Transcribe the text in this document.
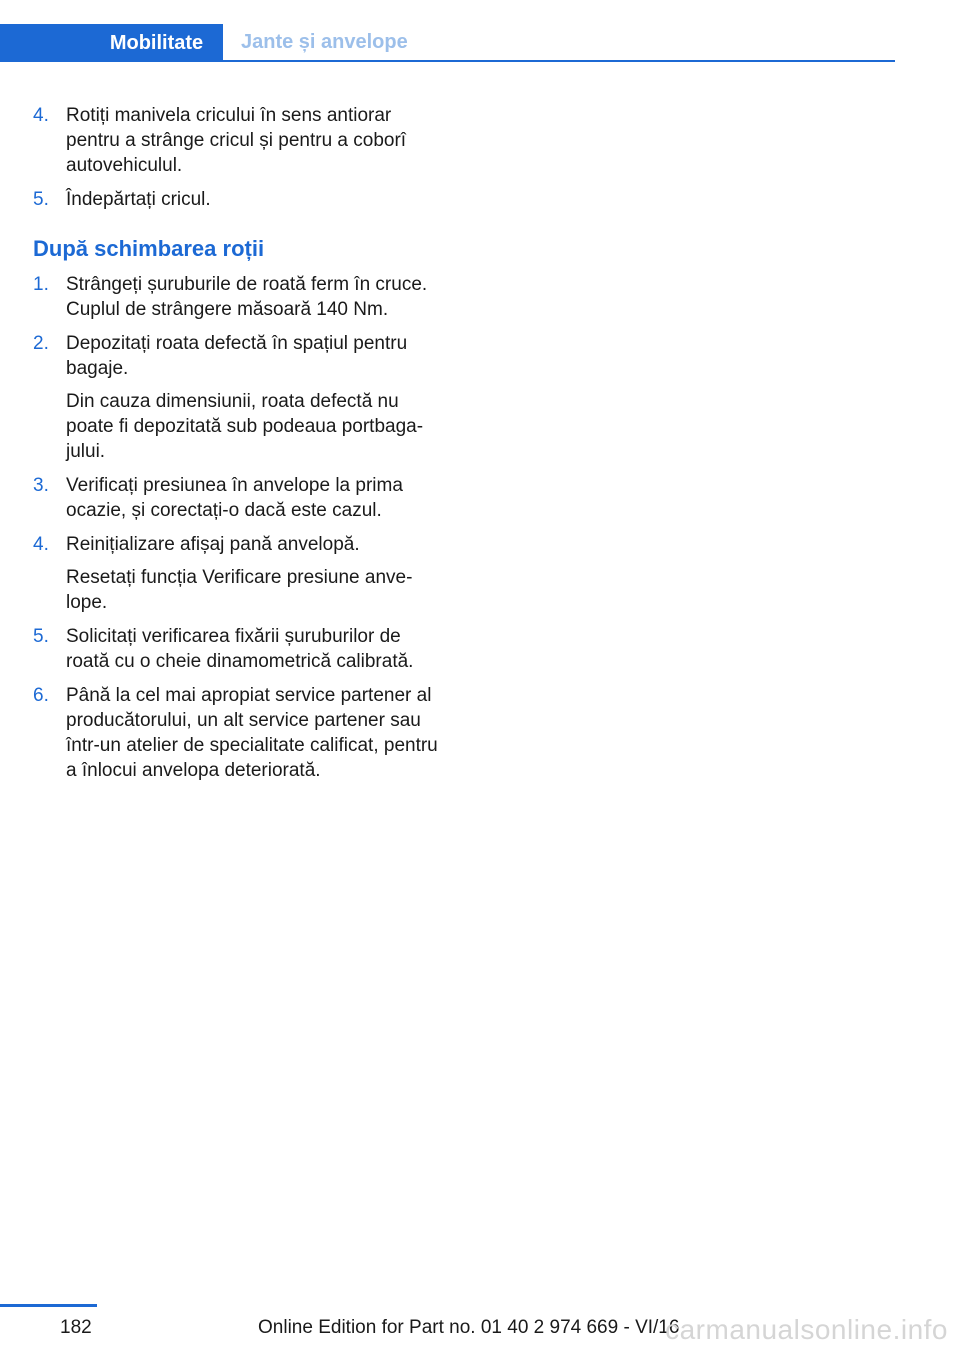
Mobilitate	Jante și anvelope
4. Rotiți manivela cricului în sens antiorar pentru a strânge cricul și pentru a coborî autovehiculul.

5. Îndepărtați cricul.

După schimbarea roții
1. Strângeți șuruburile de roată ferm în cruce. Cuplul de strângere măsoară 140 Nm.

2. Depozitați roata defectă în spațiul pentru bagaje.

Din cauza dimensiunii, roata defectă nu poate fi depozitată sub podeaua portbagajului.

3. Verificați presiunea în anvelope la prima ocazie, și corectați-o dacă este cazul.

4. Reinițializare afișaj pană anvelopă.

Resetați funcția Verificare presiune anvelope.

5. Solicitați verificarea fixării șuruburilor de roată cu o cheie dinamometrică calibrată.

6. Până la cel mai apropiat service partener al producătorului, un alt service partener sau într-un atelier de specialitate calificat, pentru a înlocui anvelopa deteriorată.

182	Online Edition for Part no. 01 40 2 974 669 - VI/16
carmanualsonline.info
